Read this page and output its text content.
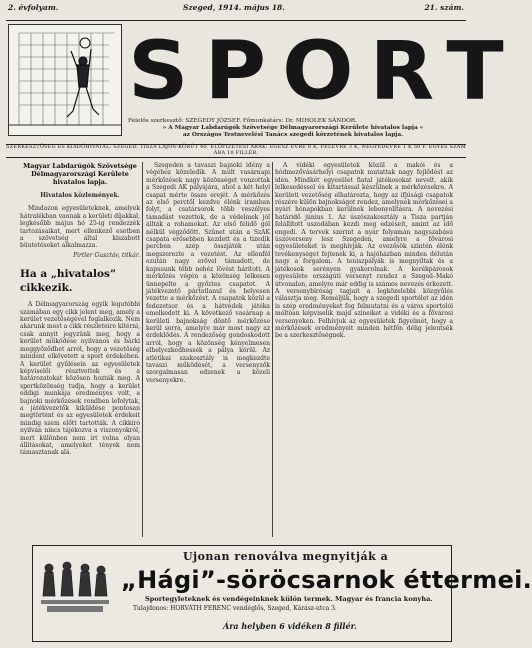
2. évfolyam.	Szeged, 1914. május 18.	21. szám.
SPORT
Felelős szerkesztő: SZEGEDY JÓZSEF. Főmunkatárs: Dr. MIHOLEK SÁNDOR.
» A Magyar Labdarúgók Szövetsége Délmagyarországi Kerülete hivatalos lapja «
az Országos Testnevelési Tanács szegedi körzetének hivatalos lapja.
SZERKESZTŐSÉG ÉS KIADÓHIVATAL: SZEGED, TISZA LAJOS-KÖRÚT 40. ELŐFIZETÉSI ÁRAK: EGÉSZ ÉVRE 6 K, FÉLÉVRE 3 K, NEGYEDÉVRE 1 K 50 F. EGYES SZÁM ÁRA 10 FILLÉR.
Magyar Labdarúgók Szövetsége
Délmagyarországi Kerülete hivatalos lapja.
Hivatalos közlemények.

Mindazon egyesületeknek, amelyek hátralékban vannak a kerületi díjakkal, legkésőbb május hó 25-ig rendezzék tartozásaikat, mert ellenkező esetben a szövetség által kiszabott büntetéseket alkalmazza.

Pirtler Gusztáv, titkár.
Ha a „hivatalos” cikkezik.

A Délmagyarország egyik legutóbbi számában egy cikk jelent meg, amely a kerület vezetőségével foglalkozik. Nem akarunk most a cikk részleteire kitérni, csak annyit jegyzünk meg, hogy a kerület működése nyilvános és bárki meggyőződhet arról, hogy a vezetőség mindent elkövetett a sport érdekében. A kerület gyűlésein az egyesületek képviselői résztvettek és a határozatokat közösen hozták meg. A sportközönség tudja, hogy a kerület eddigi munkája eredményes volt, a bajnoki mérkőzések rendben lefolytak, a játékvezetők kiküldése pontosan megtörtént és az egyesületek érdekeit mindig szem előtt tartották. A cikkíró nyilván nincs tájékozva a viszonyokról, mert különben nem írt volna olyan állításokat, amelyeket tények nem támasztanak alá.

Szegeden a tavaszi bajnoki idény a végéhez közeledik. A múlt vasárnapi mérkőzések nagy közönséget vonzottak a Szegedi AK pályájára, ahol a két helyi csapat mérte össze erejét. A mérkőzés az első perctől kezdve élénk iramban folyt, a csatársorok több veszélyes támadást vezettek, de a védelmek jól állták a rohamokat. Az első félidő gól nélkül végződött. Szünet után a SzAK csapata erősebben kezdett és a tizedik percben szép összjáték után megszerezte a vezetést. Az ellenfél ezután nagy erővel támadott, de kapusunk több nehéz lövést hárított. A mérkőzés végén a közönség lelkesen ünnepelte a győztes csapatot. A játékvezető pártatlanul és helyesen vezette a mérkőzést. A csapatok közül a fedezetsor és a hátvédek játéka emelkedett ki. A következő vasárnap a kerületi bajnokság döntő mérkőzése kerül sorra, amelyre már most nagy az érdeklődés. A rendezőség gondoskodott arról, hogy a közönség kényelmesen elhelyezkedhessék a pálya körül. Az atlétikai szakosztály is megkezdte tavaszi működését, a versenyzők szorgalmasan edzenek a közeli versenyekre.

A vidéki egyesületek közül a makói és a hódmezővásárhelyi csapatok mutattak nagy fejlődést az idén. Mindkét egyesület fiatal játékosokat nevelt, akik lelkesedéssel és kitartással készülnek a mérkőzésekre. A kerületi vezetőség elhatározta, hogy az ifjúsági csapatok részére külön bajnokságot rendez, amelynek mérkőzései a nyári hónapokban kerülnek lebonyolításra. A nevezési határidő június 1. Az úszószakosztály a Tisza partján felállított uszodában kezdi meg edzéseit, amint az idő engedi. A tervek szerint a nyár folyamán nagyszabású úszóverseny lesz Szegeden, amelyre a fővárosi egyesületeket is meghívják. Az evezősök szintén élénk tevékenységet fejtenek ki, a hajóházban minden délután nagy a forgalom. A teniszpályák is megnyíltak és a játékosok serényen gyakorolnak. A kerékpárosok egyesülete országúti versenyt rendez a Szeged–Makó útvonalon, amelyre már eddig is számos nevezés érkezett. A versenybíróság tagjait a legközelebbi közgyűlés választja meg. Reméljük, hogy a szegedi sportélet az idén is szép eredményeket fog felmutatni és a város sportolói méltóan képviselik majd színeiket a vidéki és a fővárosi versenyeken. Felhívjuk az egyesületek figyelmét, hogy a mérkőzések eredményeit minden hétfőn délig jelentsék be a szerkesztőségnek.

Ujonan renoválva megnyitják a
„Hági”-söröcsarnok éttermei.
Sportegyleteknek és vendégeinknek külön termek. Magyar és francia konyha.
Tulajdonos: HORVÁTH FERENC vendéglős, Szeged, Kárász-utca 3.
Ára helyben 6 vidéken 8 fillér.
